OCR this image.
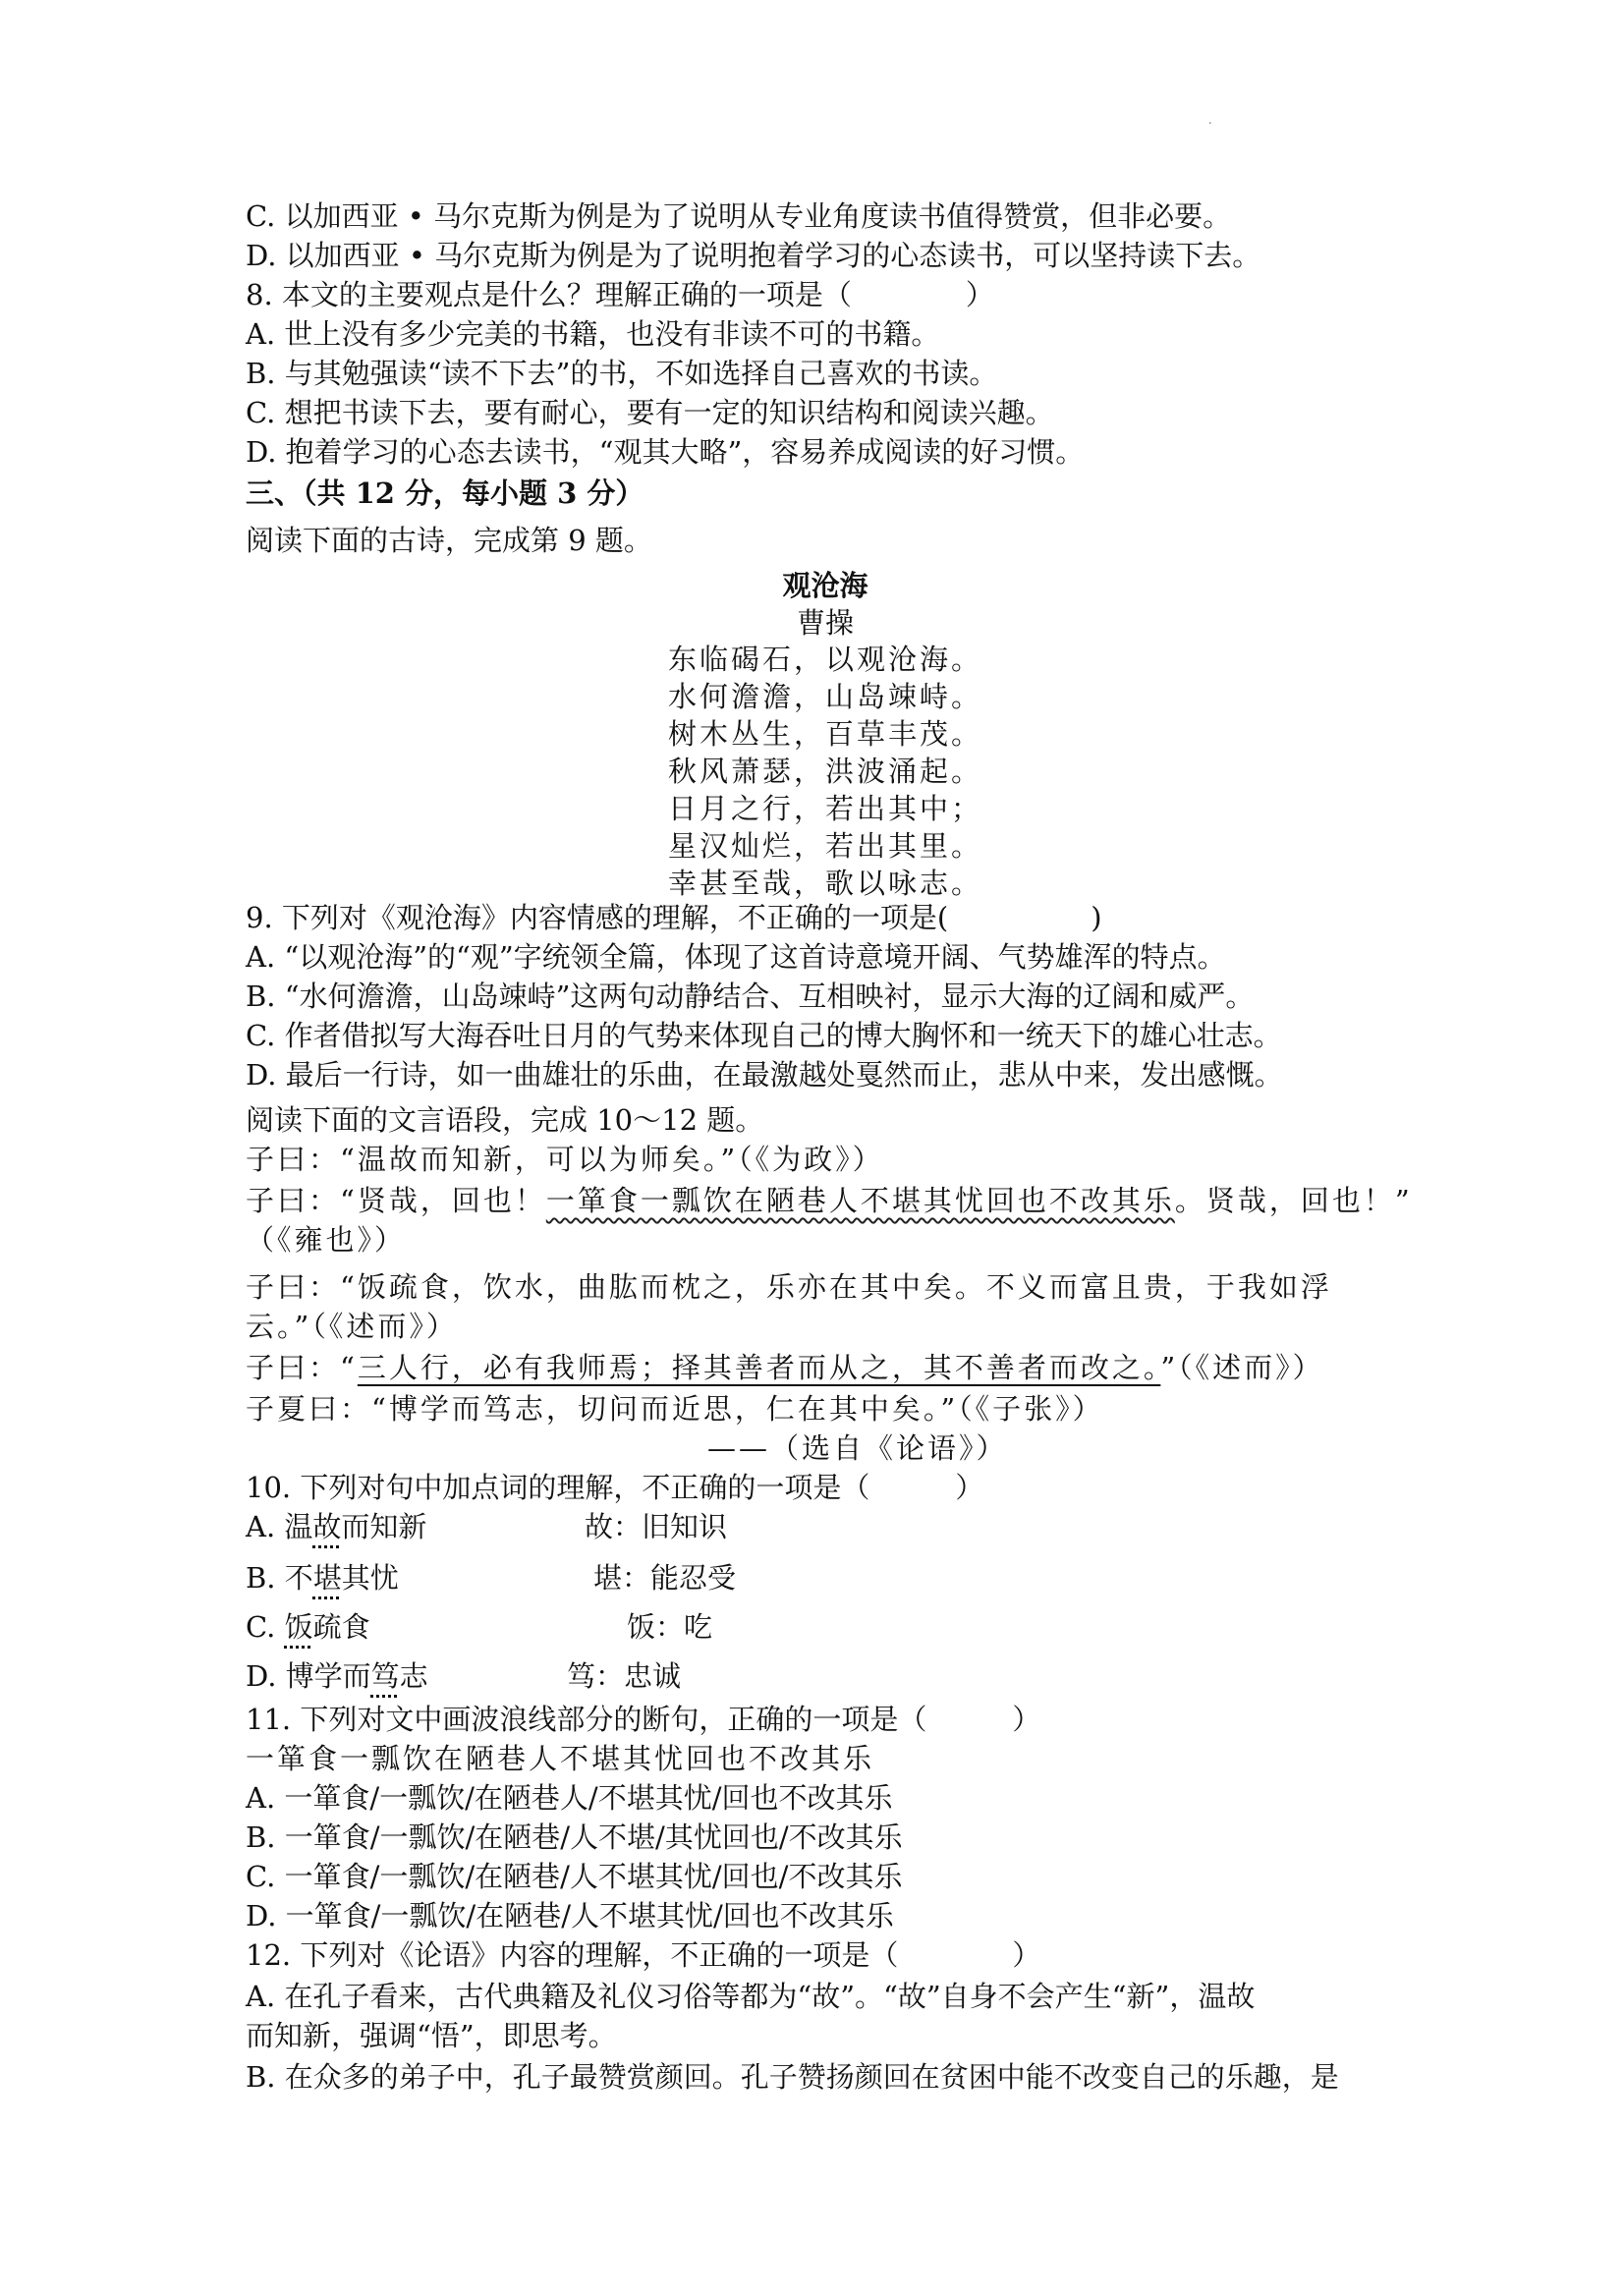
·
C. 以加西亚 • 马尔克斯为例是为了说明从专业角度读书值得赞赏，但非必要。
D. 以加西亚 • 马尔克斯为例是为了说明抱着学习的心态读书，可以坚持读下去。
8. 本文的主要观点是什么？理解正确的一项是（　　　　）
A. 世上没有多少完美的书籍，也没有非读不可的书籍。
B. 与其勉强读“读不下去”的书，不如选择自己喜欢的书读。
C. 想把书读下去，要有耐心，要有一定的知识结构和阅读兴趣。
D. 抱着学习的心态去读书，“观其大略”，容易养成阅读的好习惯。
三、（共 12 分，每小题 3 分）
阅读下面的古诗，完成第 9 题。
观沧海
曹操
东临碣石，以观沧海。
水何澹澹，山岛竦峙。
树木丛生，百草丰茂。
秋风萧瑟，洪波涌起。
日月之行，若出其中；
星汉灿烂，若出其里。
幸甚至哉，歌以咏志。
9. 下列对《观沧海》内容情感的理解，不正确的一项是(　　　　　)
A. “以观沧海”的“观”字统领全篇，体现了这首诗意境开阔、气势雄浑的特点。
B. “水何澹澹，山岛竦峙”这两句动静结合、互相映衬，显示大海的辽阔和威严。
C. 作者借拟写大海吞吐日月的气势来体现自己的博大胸怀和一统天下的雄心壮志。
D. 最后一行诗，如一曲雄壮的乐曲，在最激越处戛然而止，悲从中来，发出感慨。
阅读下面的文言语段，完成 10～12 题。
子曰：“温故而知新，可以为师矣。”（《为政》）
子曰：“贤哉，回也！一箪食一瓢饮在陋巷人不堪其忧回也不改其乐。贤哉，回也！”
（《雍也》）
子曰：“饭疏食，饮水，曲肱而枕之，乐亦在其中矣。不义而富且贵，于我如浮
云。”（《述而》）
子曰：“三人行，必有我师焉；择其善者而从之，其不善者而改之。”（《述而》）
子夏曰：“博学而笃志，切问而近思，仁在其中矣。”（《子张》）
——（选自《论语》）
10. 下列对句中加点词的理解，不正确的一项是（　　　）
A. 温故而知新	故：旧知识
B. 不堪其忧	堪：能忍受
C. 饭疏食	饭：吃
D. 博学而笃志	笃：忠诚
11. 下列对文中画波浪线部分的断句，正确的一项是（　　　）
一箪食一瓢饮在陋巷人不堪其忧回也不改其乐
A. 一箪食/一瓢饮/在陋巷人/不堪其忧/回也不改其乐
B. 一箪食/一瓢饮/在陋巷/人不堪/其忧回也/不改其乐
C. 一箪食/一瓢饮/在陋巷/人不堪其忧/回也/不改其乐
D. 一箪食/一瓢饮/在陋巷/人不堪其忧/回也不改其乐
12. 下列对《论语》内容的理解，不正确的一项是（　　　　）
A. 在孔子看来，古代典籍及礼仪习俗等都为“故”。“故”自身不会产生“新”，温故
而知新，强调“悟”，即思考。
B. 在众多的弟子中，孔子最赞赏颜回。孔子赞扬颜回在贫困中能不改变自己的乐趣，是
